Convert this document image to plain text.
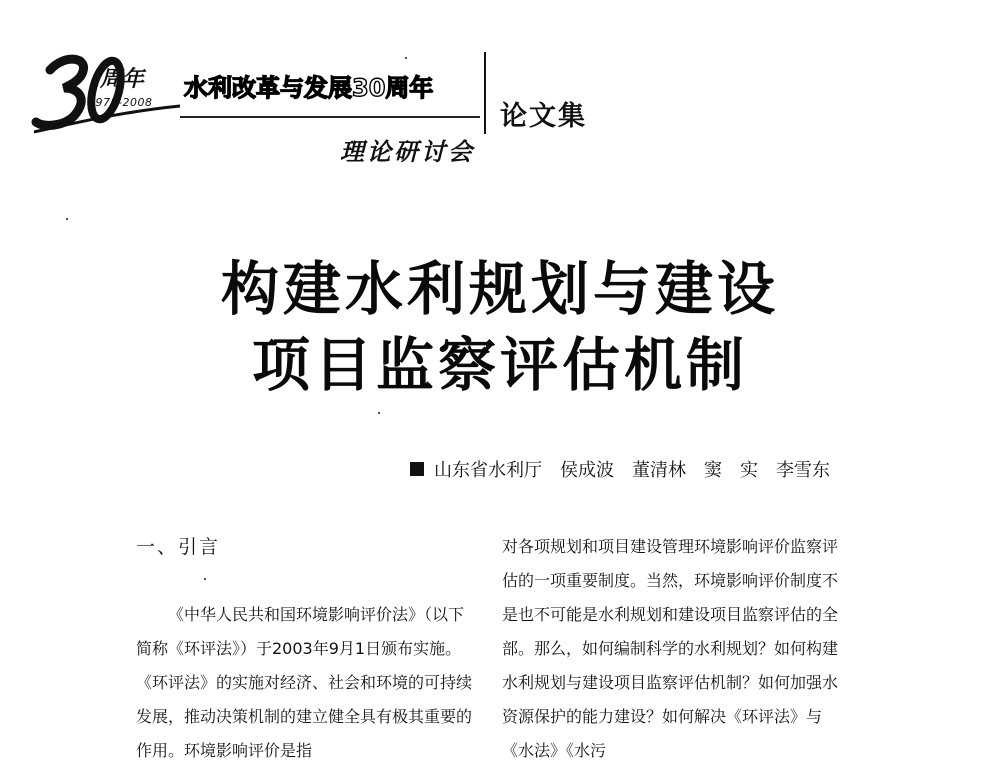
周年
1978-2008
水利改革与发展30周年
理论研讨会
论文集
构建水利规划与建设
项目监察评估机制
山东省水利厅 侯成波 董清林 窦　实 李雪东
一、引言

《中华人民共和国环境影响评价法》（以下简称《环评法》）于2003年9月1日颁布实施。《环评法》的实施对经济、社会和环境的可持续发展，推动决策机制的建立健全具有极其重要的作用。环境影响评价是指

对各项规划和项目建设管理环境影响评价监察评估的一项重要制度。当然，环境影响评价制度不是也不可能是水利规划和建设项目监察评估的全部。那么，如何编制科学的水利规划？如何构建水利规划与建设项目监察评估机制？如何加强水资源保护的能力建设？如何解决《环评法》与《水法》《水污
